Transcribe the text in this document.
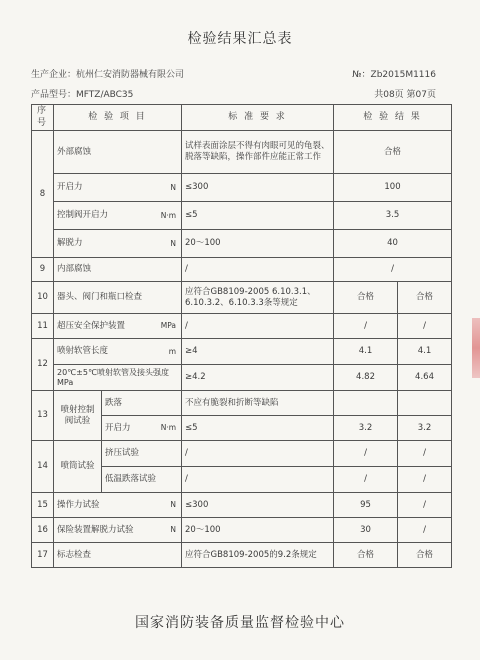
检验结果汇总表
生产企业：杭州仁安消防器械有限公司	№：Zb2015M1116
产品型号：MFTZ/ABC35	共08页 第07页
序号	检 验 项 目		标 准 要 求	检 验 结 果	
8	外部腐蚀		试样表面涂层不得有肉眼可见的龟裂、脱落等缺陷，操作部件应能正常工作	合格	

	开启力 N		≤300	100	

	控制阀开启力 N·m		≤5	3.5	

	解脱力 N		20～100	40	
9	内部腐蚀		/	/	
10	器头、阀门和瓶口检查		应符合GB8109-2005 6.10.3.1、6.10.3.2、6.10.3.3条等规定	合格	合格
11	超压安全保护装置 MPa		/	/	/
12	喷射软管长度 m		≥4	4.1	4.1
	20℃±5℃喷射软管及接头强度MPa		≥4.2	4.82	4.64
13	喷射控制阀试验	跌落	不应有脆裂和折断等缺陷		

		开启力 N·m	≤5	3.2	3.2
14	喷筒试验	挤压试验	/	/	/
		低温跌落试验	/	/	/
15	操作力试验 N		≤300	95	/
16	保险装置解脱力试验 N		20～100	30	/
17	标志检查		应符合GB8109-2005的9.2条规定	合格	合格
国家消防装备质量监督检验中心
